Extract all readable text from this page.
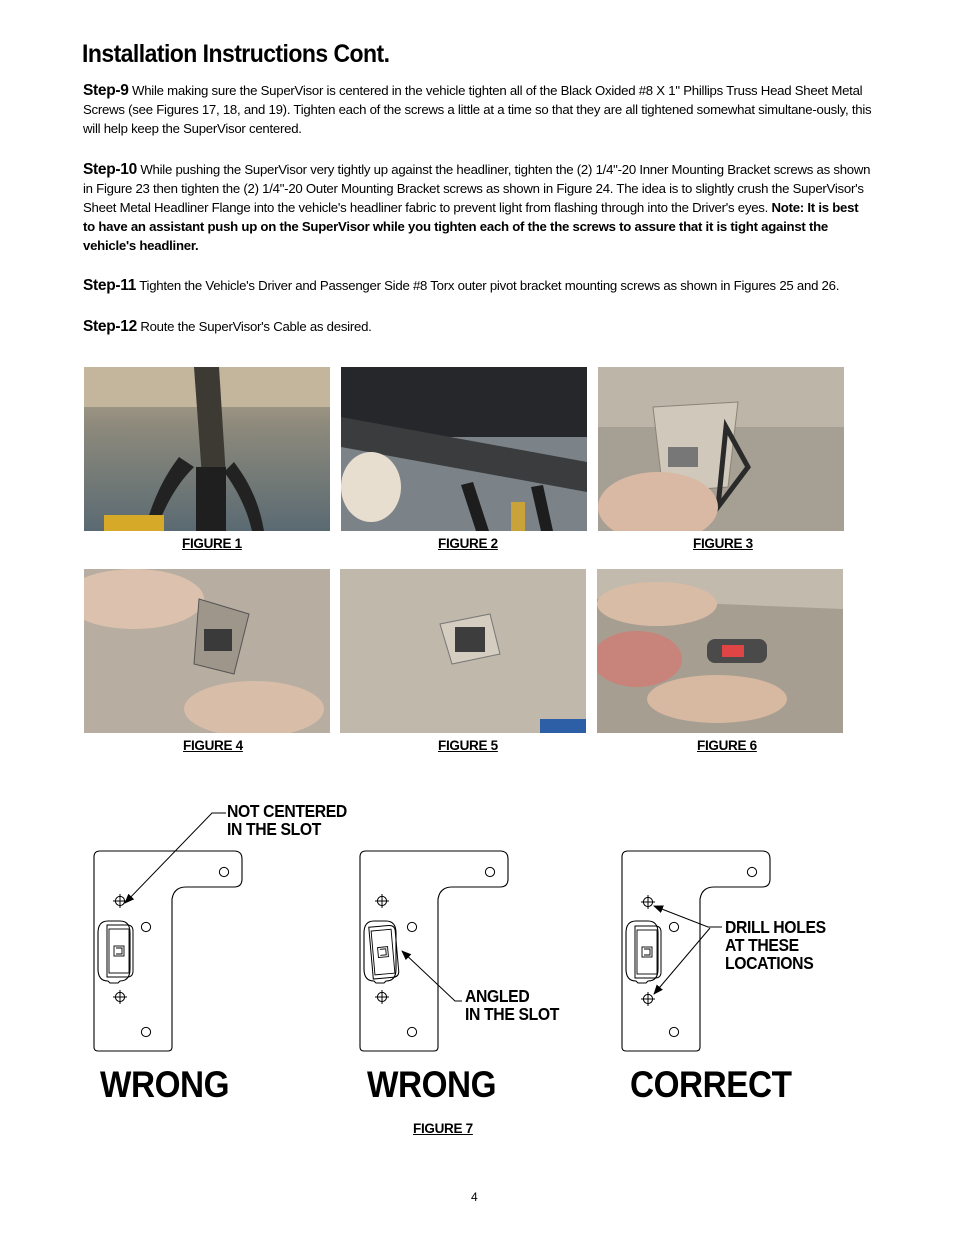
Installation Instructions Cont.

Step-9 While making sure the SuperVisor is centered in the vehicle tighten all of the Black Oxided #8 X 1" Phillips Truss Head Sheet Metal Screws (see Figures 17, 18, and 19). Tighten each of the screws a little at a time so that they are all tightened somewhat simultane-ously, this will help keep the SuperVisor centered.

Step-10 While pushing the SuperVisor very tightly up against the headliner, tighten the (2) 1/4"-20 Inner Mounting Bracket screws as shown in Figure 23 then tighten the (2) 1/4"-20 Outer Mounting Bracket screws as shown in Figure 24. The idea is to slightly crush the SuperVisor's Sheet Metal Headliner Flange into the vehicle's headliner fabric to prevent light from flashing through into the Driver's eyes. Note: It is best to have an assistant push up on the SuperVisor while you tighten each of the the screws to assure that it is tight against the vehicle's headliner.

Step-11 Tighten the Vehicle's Driver and Passenger Side #8 Torx outer pivot bracket mounting screws as shown in Figures 25 and 26.

Step-12 Route the SuperVisor's Cable as desired.

FIGURE 1	FIGURE 2	FIGURE 3
FIGURE 4	FIGURE 5	FIGURE 6
NOT CENTERED
IN THE SLOT
ANGLED
IN THE SLOT
DRILL HOLES
AT THESE
LOCATIONS
WRONG	WRONG	CORRECT
FIGURE 7
4
